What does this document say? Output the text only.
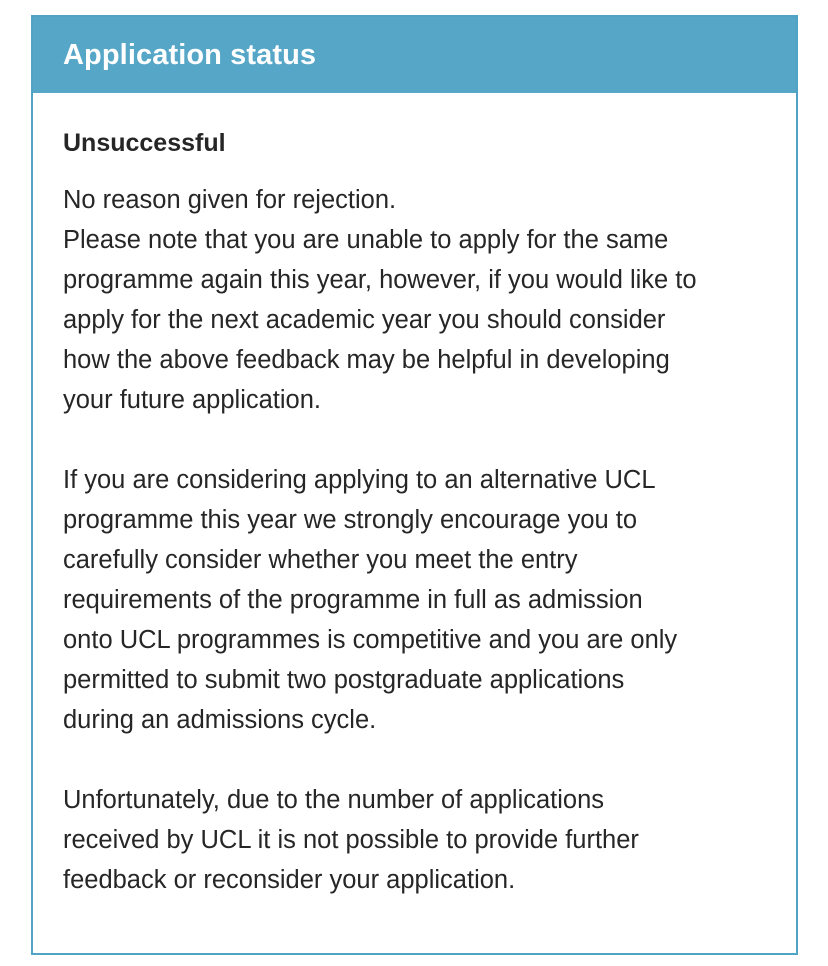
Application status
Unsuccessful

No reason given for rejection.
Please note that you are unable to apply for the same
programme again this year, however, if you would like to
apply for the next academic year you should consider
how the above feedback may be helpful in developing
your future application.

If you are considering applying to an alternative UCL
programme this year we strongly encourage you to
carefully consider whether you meet the entry
requirements of the programme in full as admission
onto UCL programmes is competitive and you are only
permitted to submit two postgraduate applications
during an admissions cycle.

Unfortunately, due to the number of applications
received by UCL it is not possible to provide further
feedback or reconsider your application.
